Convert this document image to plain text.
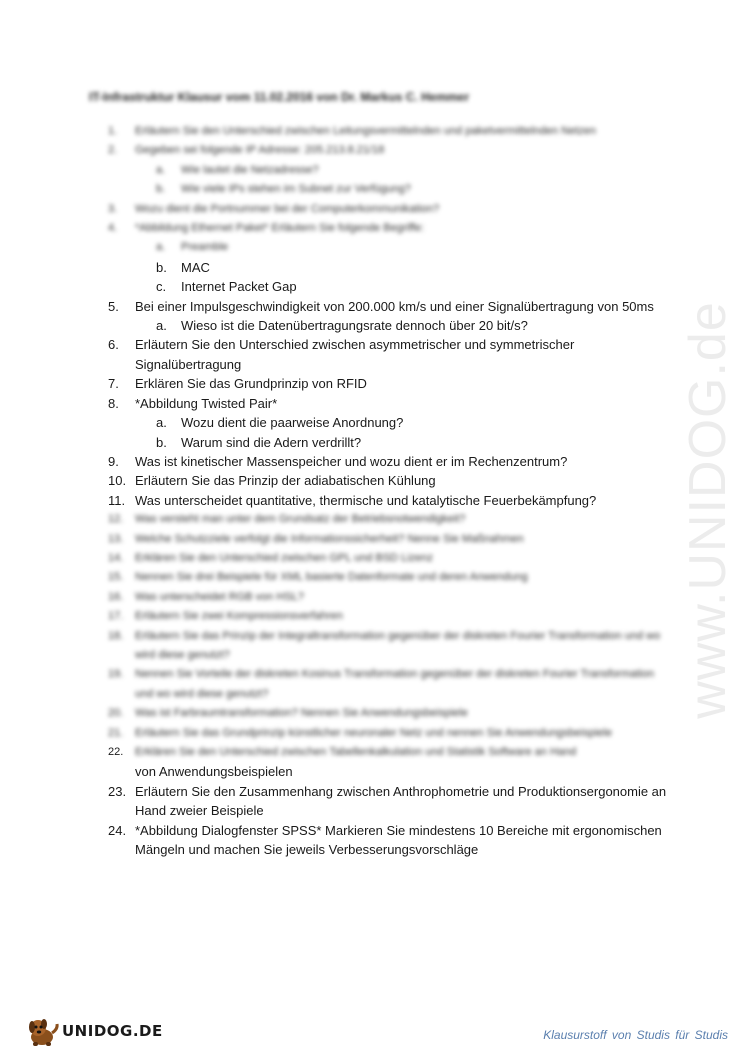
IT-Infrastruktur Klausur vom 11.02.2016 von Dr. Markus C. Hemmer
1.	Erläutern Sie den Unterschied zwischen Leitungsvermittelnden und paketvermittelnden Netzen
2.	Gegeben sei folgende IP Adresse: 205.213.8.21/18
a.	Wie lautet die Netzadresse?
b.	Wie viele IPs stehen im Subnet zur Verfügung?
3.	Wozu dient die Portnummer bei der Computerkommunikation?
4.	*Abbildung Ethernet Paket* Erläutern Sie folgende Begriffe:
a.	Preamble
b.	MAC
c.	Internet Packet Gap
5.	Bei einer Impulsgeschwindigkeit von 200.000 km/s und einer Signalübertragung von 50ms
a.	Wieso ist die Datenübertragungsrate dennoch über 20 bit/s?
6.	Erläutern Sie den Unterschied zwischen asymmetrischer und symmetrischer Signalübertragung
7.	Erklären Sie das Grundprinzip von RFID
8.	*Abbildung Twisted Pair*
a.	Wozu dient die paarweise Anordnung?
b.	Warum sind die Adern verdrillt?
9.	Was ist kinetischer Massenspeicher und wozu dient er im Rechenzentrum?
10. Erläutern Sie das Prinzip der adiabatischen Kühlung
11. Was unterscheidet quantitative, thermische und katalytische Feuerbekämpfung?
12.	Was versteht man unter dem Grundsatz der Betriebsnotwendigkeit?
13.	Welche Schutzziele verfolgt die Informationssicherheit? Nenne Sie Maßnahmen
14.	Erklären Sie den Unterschied zwischen GPL und BSD Lizenz
15.	Nennen Sie drei Beispiele für XML basierte Datenformate und deren Anwendung
16.	Was unterscheidet RGB von HSL?
17.	Erläutern Sie zwei Kompressionsverfahren
18.	Erläutern Sie das Prinzip der Integraltransformation gegenüber der diskreten Fourier Transformation und wo wird diese genutzt?
19.	Nennen Sie Vorteile der diskreten Kosinus Transformation gegenüber der diskreten Fourier Transformation und wo wird diese genutzt?
20.	Was ist Farbraumtransformation? Nennen Sie Anwendungsbeispiele
21.	Erläutern Sie das Grundprinzip künstlicher neuronaler Netz und nennen Sie Anwendungsbeispiele
22.	Erklären Sie den Unterschied zwischen Tabellenkalkulation und Statistik Software an Hand
von Anwendungsbeispielen
23. Erläutern Sie den Zusammenhang zwischen Anthrophometrie und Produktionsergonomie an Hand zweier Beispiele
24. *Abbildung Dialogfenster SPSS* Markieren Sie mindestens 10 Bereiche mit ergonomischen Mängeln und machen Sie jeweils Verbesserungsvorschläge
www.UNIDOG.de
UNIDOG.DE	Klausurstoff von Studis für Studis
